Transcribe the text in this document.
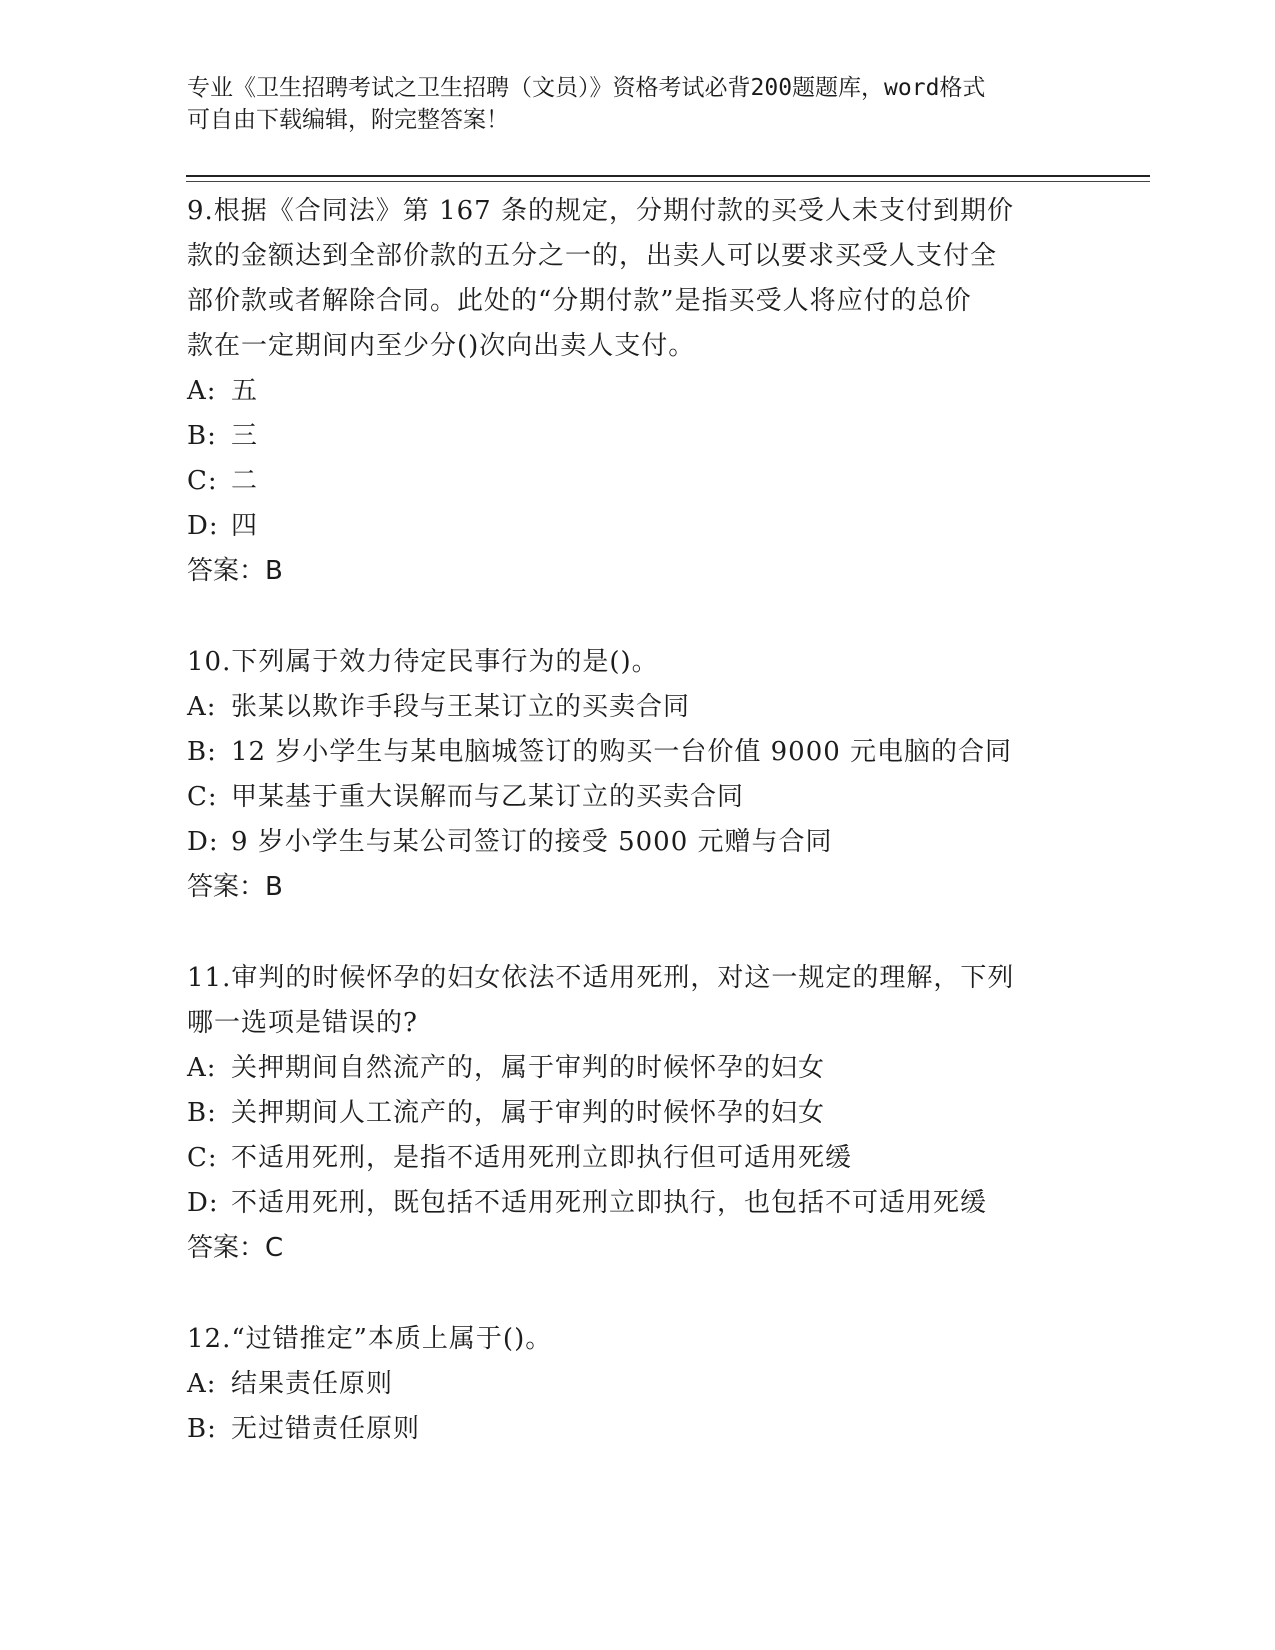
专业《卫生招聘考试之卫生招聘（文员）》资格考试必背200题题库，word格式
可自由下载编辑，附完整答案！
9.根据《合同法》第 167 条的规定，分期付款的买受人未支付到期价
款的金额达到全部价款的五分之一的，出卖人可以要求买受人支付全
部价款或者解除合同。此处的“分期付款”是指买受人将应付的总价
款在一定期间内至少分()次向出卖人支付。
A: 五
B: 三
C: 二
D: 四
答案：B
10.下列属于效力待定民事行为的是()。
A: 张某以欺诈手段与王某订立的买卖合同
B: 12 岁小学生与某电脑城签订的购买一台价值 9000 元电脑的合同
C: 甲某基于重大误解而与乙某订立的买卖合同
D: 9 岁小学生与某公司签订的接受 5000 元赠与合同
答案：B
11.审判的时候怀孕的妇女依法不适用死刑，对这一规定的理解，下列
哪一选项是错误的?
A: 关押期间自然流产的，属于审判的时候怀孕的妇女
B: 关押期间人工流产的，属于审判的时候怀孕的妇女
C: 不适用死刑，是指不适用死刑立即执行但可适用死缓
D: 不适用死刑，既包括不适用死刑立即执行，也包括不可适用死缓
答案：C
12.“过错推定”本质上属于()。
A: 结果责任原则
B: 无过错责任原则
